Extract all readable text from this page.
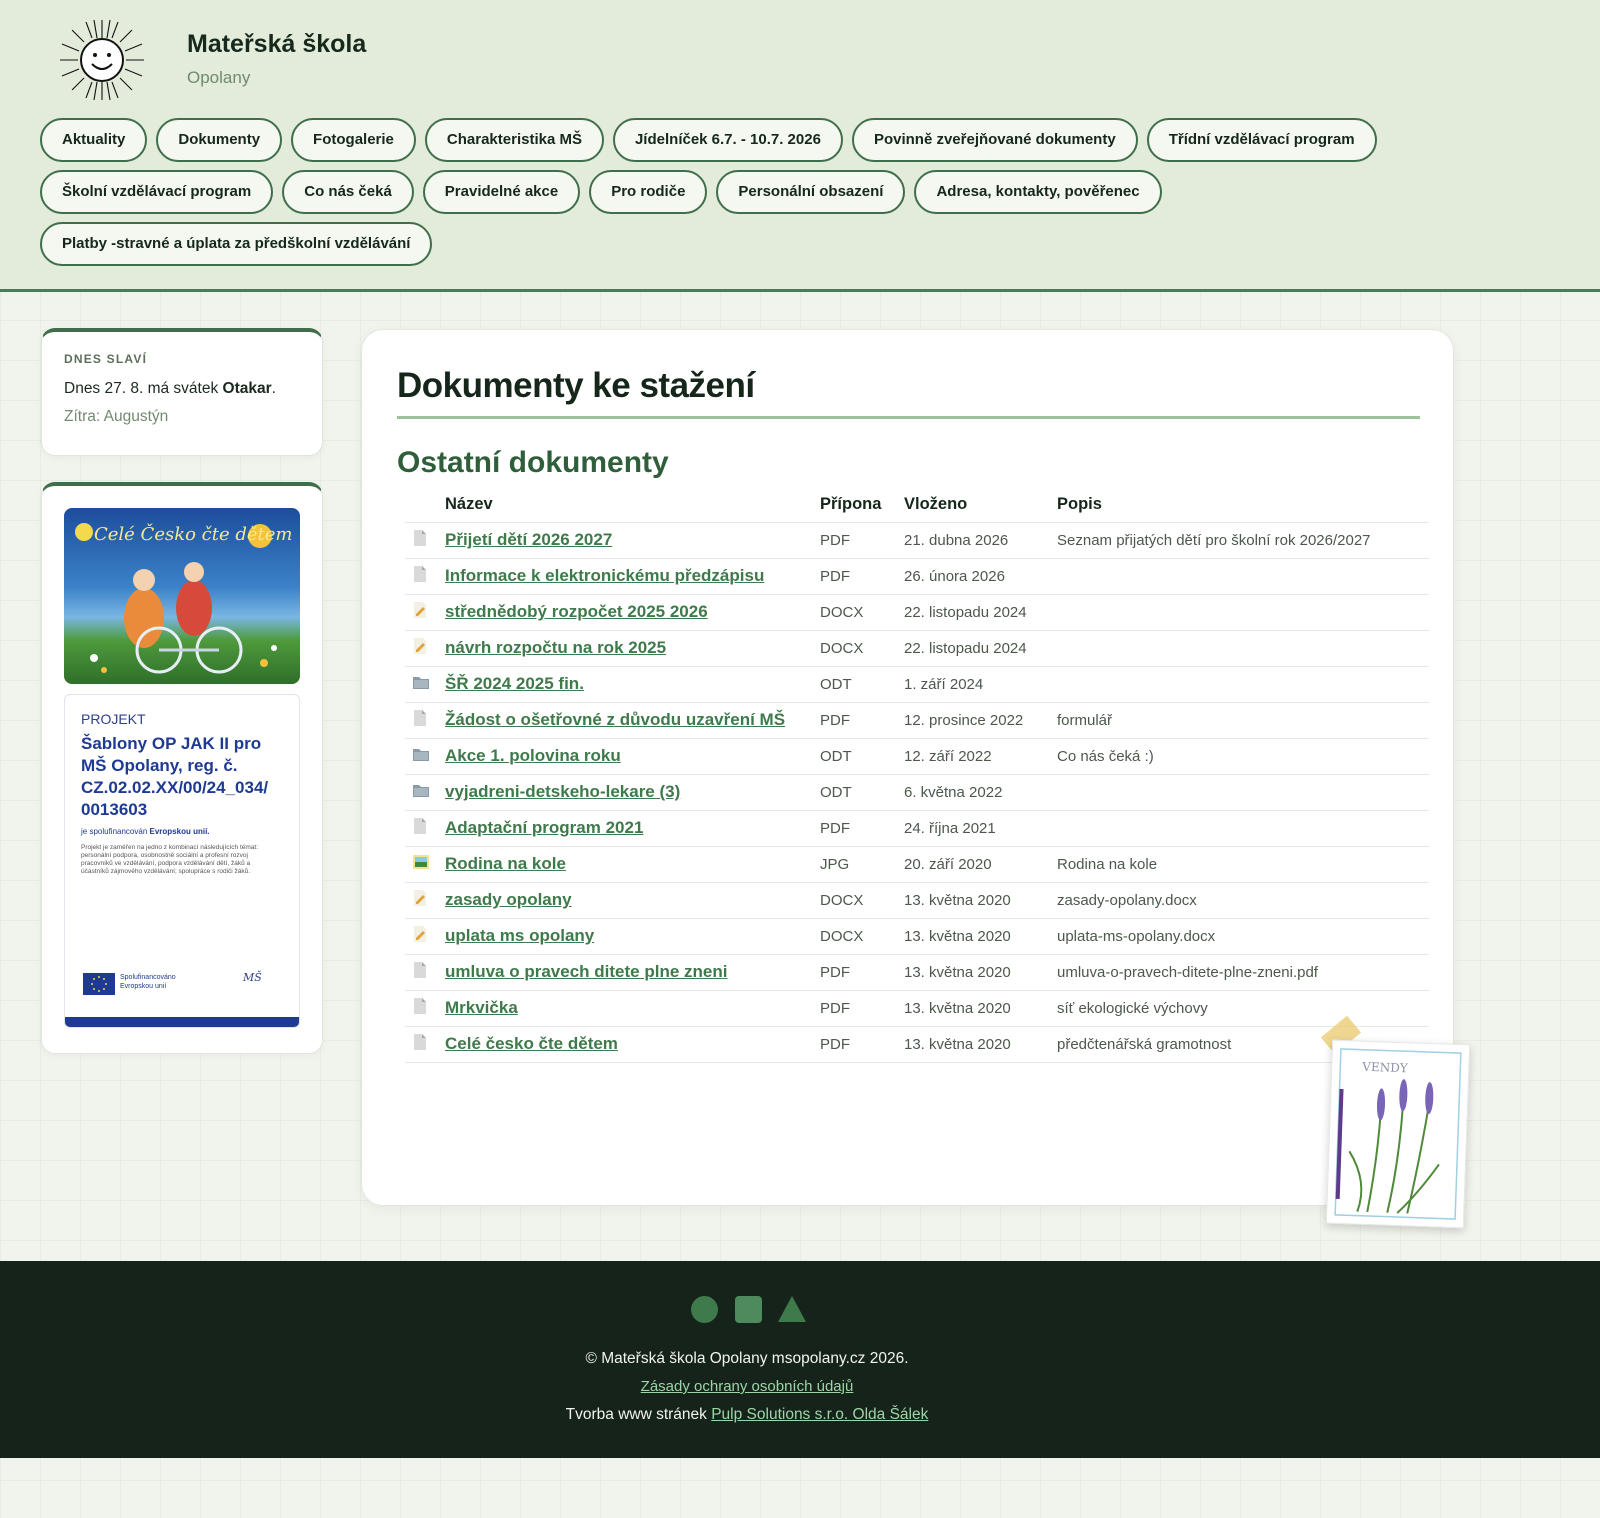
Mateřská škola
Opolany
Aktuality	Dokumenty	Fotogalerie	Charakteristika MŠ	Jídelníček 6.7. - 10.7. 2026	Povinně zveřejňované dokumenty	Třídní vzdělávací program
Školní vzdělávací program	Co nás čeká	Pravidelné akce	Pro rodiče	Personální obsazení	Adresa, kontakty, pověřenec
Platby -stravné a úplata za předškolní vzdělávání
DNES SLAVÍ
Dnes 27. 8. má svátek Otakar.
Zítra: Augustýn
Celé Česko čte dětem
PROJEKT
Šablony OP JAK II pro MŠ Opolany, reg. č. CZ.02.02.XX/00/24_034/ 0013603
je spolufinancován Evropskou unií.
Projekt je zaměřen na jedno z kombinací následujících témat: personální podpora, osobnostně sociální a profesní rozvoj pracovníků ve vzdělávání, podpora vzdělávání dětí, žáků a účastníků zájmového vzdělávání; spolupráce s rodiči žáků.
Spolufinancováno Evropskou unií
MŠ
Dokumenty ke stažení
Ostatní dokumenty
	Název	Přípona	Vloženo	Popis
	Přijetí dětí 2026 2027	PDF	21. dubna 2026	Seznam přijatých dětí pro školní rok 2026/2027
	Informace k elektronickému předzápisu	PDF	26. února 2026	
	střednědobý rozpočet 2025 2026	DOCX	22. listopadu 2024	
	návrh rozpočtu na rok 2025	DOCX	22. listopadu 2024	
	ŠŘ 2024 2025 fin.	ODT	1. září 2024	
	Žádost o ošetřovné z důvodu uzavření MŠ	PDF	12. prosince 2022	formulář
	Akce 1. polovina roku	ODT	12. září 2022	Co nás čeká :)
	vyjadreni-detskeho-lekare (3)	ODT	6. května 2022	
	Adaptační program 2021	PDF	24. října 2021	
	Rodina na kole	JPG	20. září 2020	Rodina na kole
	zasady opolany	DOCX	13. května 2020	zasady-opolany.docx
	uplata ms opolany	DOCX	13. května 2020	uplata-ms-opolany.docx
	umluva o pravech ditete plne zneni	PDF	13. května 2020	umluva-o-pravech-ditete-plne-zneni.pdf
	Mrkvička	PDF	13. května 2020	síť ekologické výchovy
	Celé česko čte dětem	PDF	13. května 2020	předčtenářská gramotnost
VENDY
© Mateřská škola Opolany msopolany.cz 2026.
Zásady ochrany osobních údajů
Tvorba www stránek Pulp Solutions s.r.o. Olda Šálek
